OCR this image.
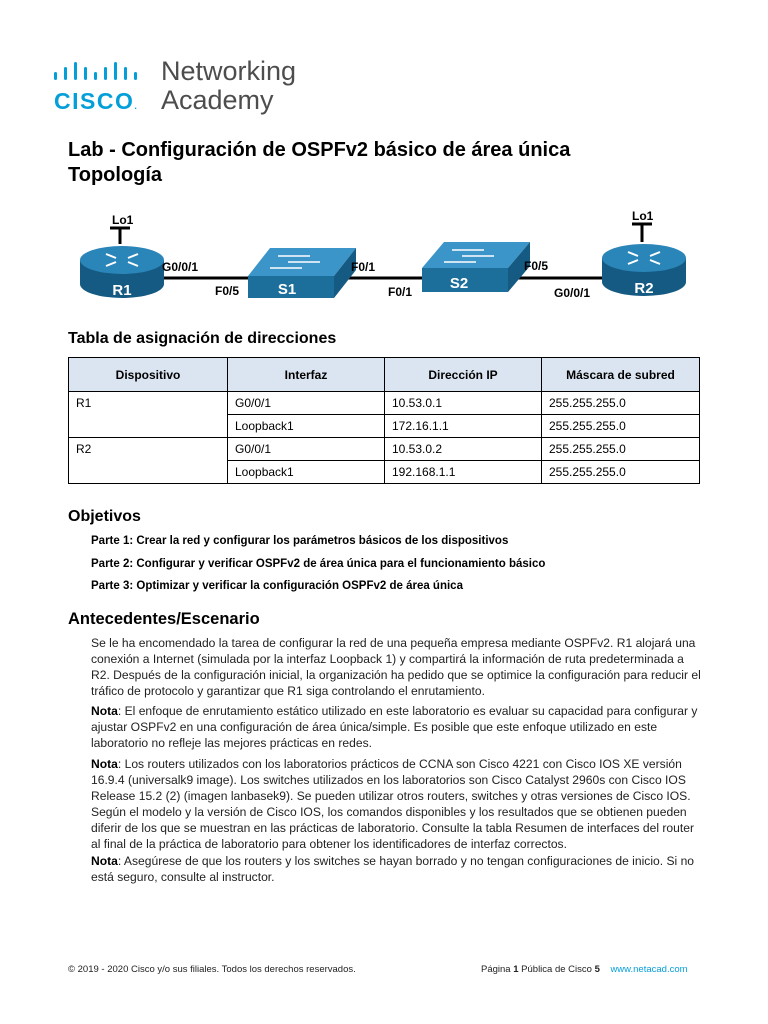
CISCO.
Networking
Academy
Lab - Configuración de OSPFv2 básico de área única
Topología
Lo1
R1	S1	S2
Lo1
R2
G0/0/1
F0/5
F0/1
F0/1
F0/5
G0/0/1
Tabla de asignación de direcciones
Dispositivo	Interfaz	Dirección IP	Máscara de subred
R1	G0/0/1	10.53.0.1	255.255.255.0
	Loopback1	172.16.1.1	255.255.255.0
R2	G0/0/1	10.53.0.2	255.255.255.0
	Loopback1	192.168.1.1	255.255.255.0
Objetivos
Parte 1: Crear la red y configurar los parámetros básicos de los dispositivos
Parte 2: Configurar y verificar OSPFv2 de área única para el funcionamiento básico
Parte 3: Optimizar y verificar la configuración OSPFv2 de área única
Antecedentes/Escenario
Se le ha encomendado la tarea de configurar la red de una pequeña empresa mediante OSPFv2. R1 alojará una conexión a Internet (simulada por la interfaz Loopback 1) y compartirá la información de ruta predeterminada a R2. Después de la configuración inicial, la organización ha pedido que se optimice la configuración para reducir el tráfico de protocolo y garantizar que R1 siga controlando el enrutamiento.
Nota: El enfoque de enrutamiento estático utilizado en este laboratorio es evaluar su capacidad para configurar y ajustar OSPFv2 en una configuración de área única/simple. Es posible que este enfoque utilizado en este laboratorio no refleje las mejores prácticas en redes.
Nota: Los routers utilizados con los laboratorios prácticos de CCNA son Cisco 4221 con Cisco IOS XE versión 16.9.4 (universalk9 image). Los switches utilizados en los laboratorios son Cisco Catalyst 2960s con Cisco IOS Release 15.2 (2) (imagen lanbasek9). Se pueden utilizar otros routers, switches y otras versiones de Cisco IOS. Según el modelo y la versión de Cisco IOS, los comandos disponibles y los resultados que se obtienen pueden diferir de los que se muestran en las prácticas de laboratorio. Consulte la tabla Resumen de interfaces del router al final de la práctica de laboratorio para obtener los identificadores de interfaz correctos.
Nota: Asegúrese de que los routers y los switches se hayan borrado y no tengan configuraciones de inicio. Si no está seguro, consulte al instructor.
© 2019 - 2020 Cisco y/o sus filiales. Todos los derechos reservados.	Página 1 Pública de Cisco 5 www.netacad.com
